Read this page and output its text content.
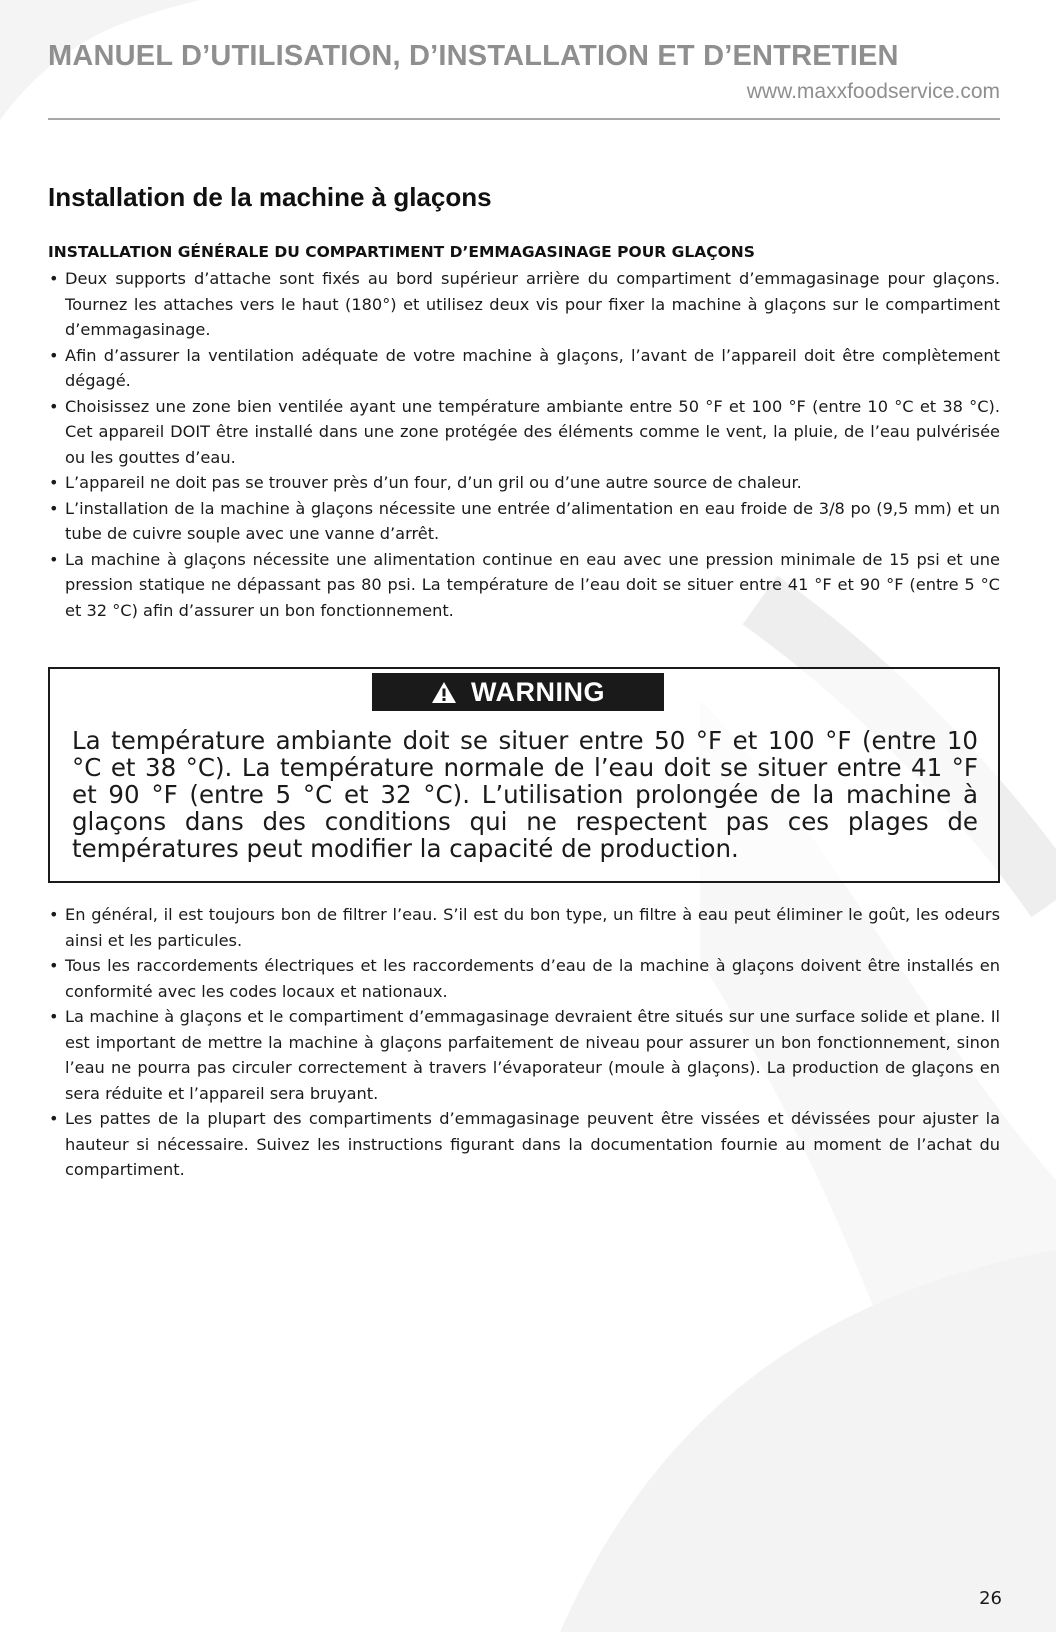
MANUEL D’UTILISATION, D’INSTALLATION ET D’ENTRETIEN
www.maxxfoodservice.com
Installation de la machine à glaçons
INSTALLATION GÉNÉRALE DU COMPARTIMENT D’EMMAGASINAGE POUR GLAÇONS
• Deux supports d’attache sont fixés au bord supérieur arrière du compartiment d’emmagasinage pour glaçons. Tournez les attaches vers le haut (180°) et utilisez deux vis pour fixer la machine à glaçons sur le compartiment d’emmagasinage.
• Afin d’assurer la ventilation adéquate de votre machine à glaçons, l’avant de l’appareil doit être complètement dégagé.
• Choisissez une zone bien ventilée ayant une température ambiante entre 50 °F et 100 °F (entre 10 °C et 38 °C). Cet appareil DOIT être installé dans une zone protégée des éléments comme le vent, la pluie, de l’eau pulvérisée ou les gouttes d’eau.
• L’appareil ne doit pas se trouver près d’un four, d’un gril ou d’une autre source de chaleur.
• L’installation de la machine à glaçons nécessite une entrée d’alimentation en eau froide de 3/8 po (9,5 mm) et un tube de cuivre souple avec une vanne d’arrêt.
• La machine à glaçons nécessite une alimentation continue en eau avec une pression minimale de 15 psi et une pression statique ne dépassant pas 80 psi. La température de l’eau doit se situer entre 41 °F et 90 °F (entre 5 °C et 32 °C) afin d’assurer un bon fonctionnement.
WARNING
La température ambiante doit se situer entre 50 °F et 100 °F (entre 10 °C et 38 °C). La température normale de l’eau doit se situer entre 41 °F et 90 °F (entre 5 °C et 32 °C). L’utilisation prolongée de la machine à glaçons dans des conditions qui ne respectent pas ces plages de températures peut modifier la capacité de production.
• En général, il est toujours bon de filtrer l’eau. S’il est du bon type, un filtre à eau peut éliminer le goût, les odeurs ainsi et les particules.
• Tous les raccordements électriques et les raccordements d’eau de la machine à glaçons doivent être installés en conformité avec les codes locaux et nationaux.
• La machine à glaçons et le compartiment d’emmagasinage devraient être situés sur une surface solide et plane. Il est important de mettre la machine à glaçons parfaitement de niveau pour assurer un bon fonctionnement, sinon l’eau ne pourra pas circuler correctement à travers l’évaporateur (moule à glaçons). La production de glaçons en sera réduite et l’appareil sera bruyant.
• Les pattes de la plupart des compartiments d’emmagasinage peuvent être vissées et dévissées pour ajuster la hauteur si nécessaire. Suivez les instructions figurant dans la documentation fournie au moment de l’achat du compartiment.
26
